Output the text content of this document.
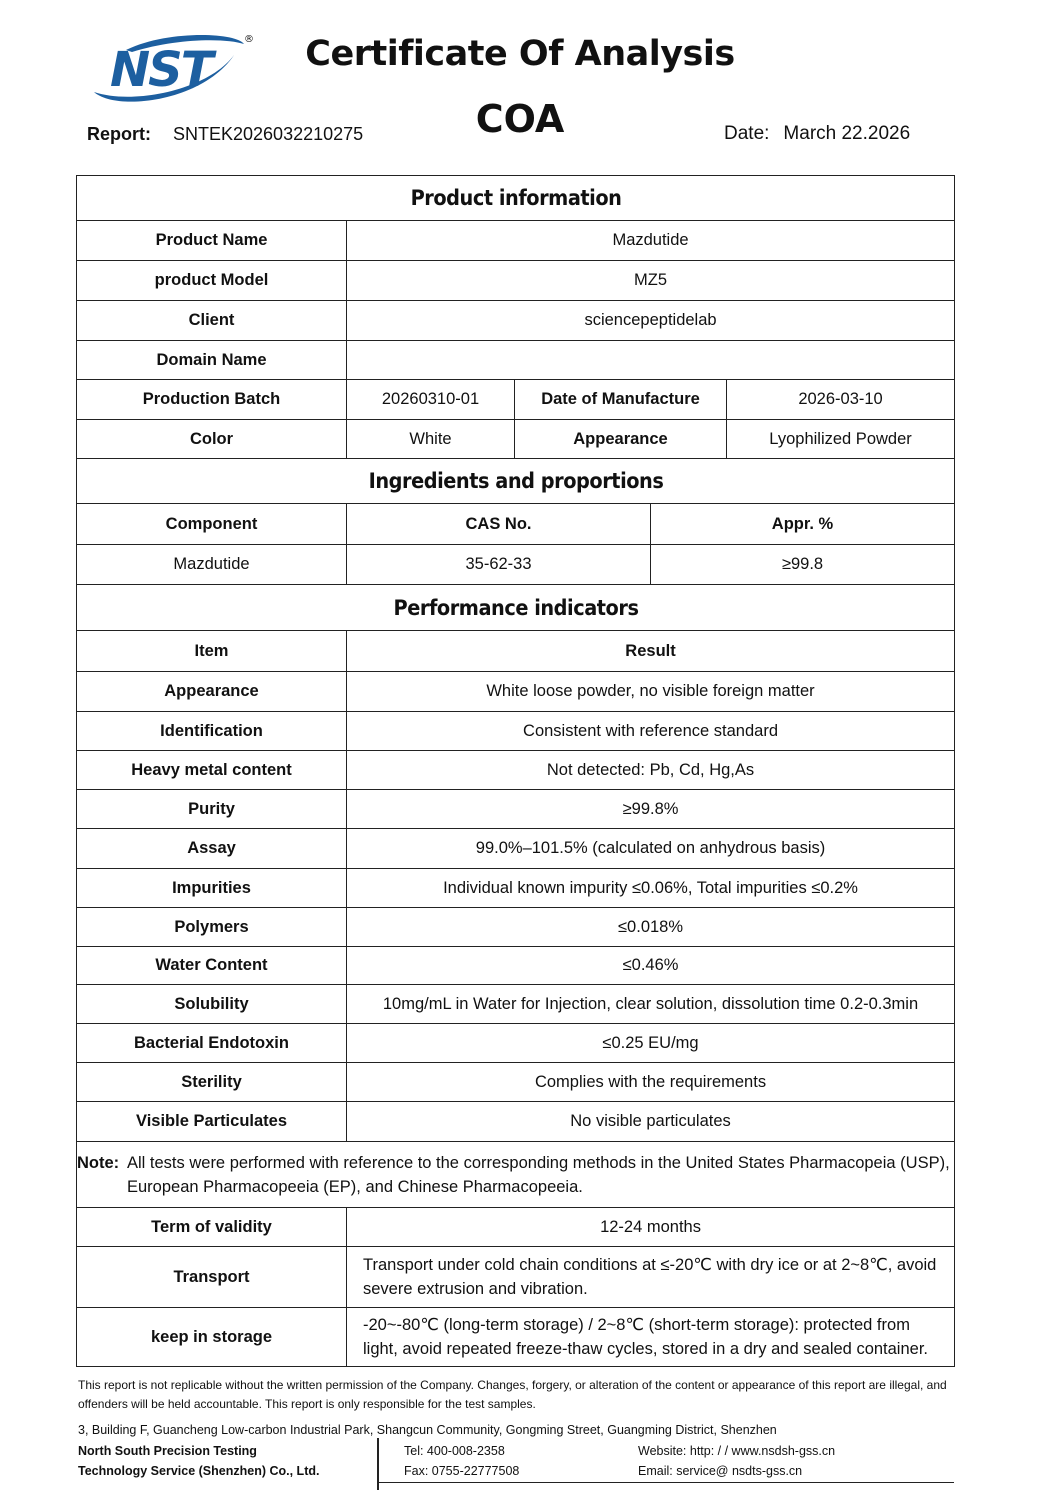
NST
® Certificate Of Analysis
COA
Report: SNTEK2026032210275	Date: March 22.2026
Product information				
Product Name	Mazdutide			
product Model	MZ5			
Client	sciencepeptidelab			
Domain Name				
Production Batch	20260310-01	Date of Manufacture		2026-03-10
Color	White	Appearance		Lyophilized Powder
Ingredients and proportions				
Component	CAS No.		Appr. %	
Mazdutide	35-62-33		≥99.8	
Performance indicators				
Item	Result			
Appearance	White loose powder, no visible foreign matter			
Identification	Consistent with reference standard			
Heavy metal content	Not detected: Pb, Cd, Hg,As			
Purity	≥99.8%			
Assay	99.0%–101.5% (calculated on anhydrous basis)			
Impurities	Individual known impurity ≤0.06%, Total impurities ≤0.2%			
Polymers	≤0.018%			
Water Content	≤0.46%			
Solubility	10mg/mL in Water for Injection, clear solution, dissolution time 0.2-0.3min			
Bacterial Endotoxin	≤0.25 EU/mg			
Sterility	Complies with the requirements			
Visible Particulates	No visible particulates			

Note: All tests were performed with reference to the corresponding methods in the United States Pharmacopeia (USP), European Pharmacopeeia (EP), and Chinese Pharmacopeeia.				

Term of validity	12-24 months			
Transport	Transport under cold chain conditions at ≤-20℃ with dry ice or at 2~8℃, avoid severe extrusion and vibration.			
keep in storage	-20~-80℃ (long-term storage) / 2~8℃ (short-term storage): protected from light, avoid repeated freeze-thaw cycles, stored in a dry and sealed container.			
This report is not replicable without the written permission of the Company. Changes, forgery, or alteration of the content or appearance of this report are illegal, and offenders will be held accountable. This report is only responsible for the test samples.
3, Building F, Guancheng Low-carbon Industrial Park, Shangcun Community, Gongming Street, Guangming District, Shenzhen
North South Precision Testing
Technology Service (Shenzhen) Co., Ltd.
Tel: 400-008-2358
Fax: 0755-22777508
Website: http: / / www.nsdsh-gss.cn
Email: service@ nsdts-gss.cn
